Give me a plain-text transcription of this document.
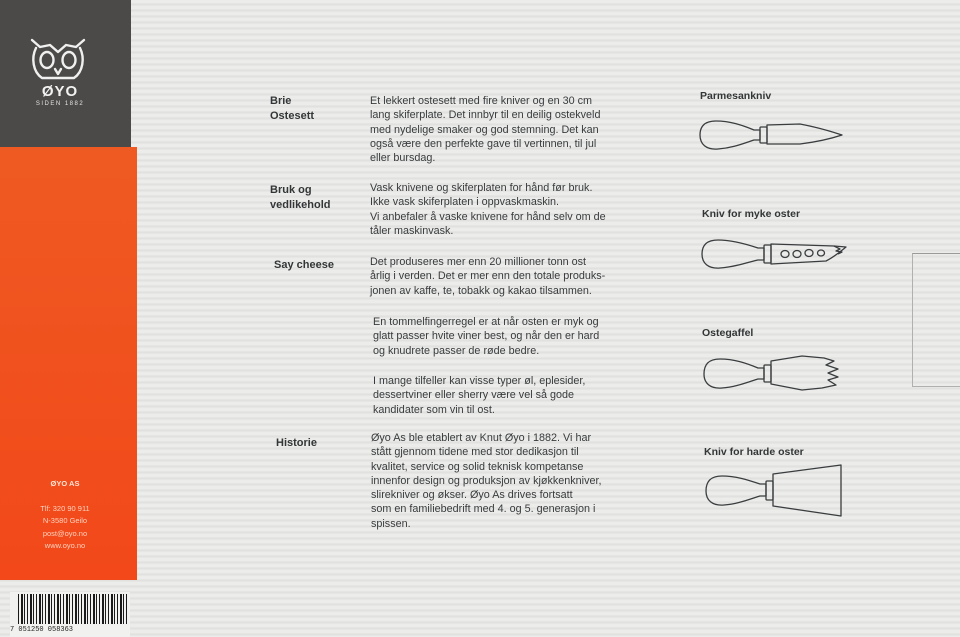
ØYO
SIDEN 1882
ØYO AS
Tlf: 320 90 911
N-3580 Geilo
post@oyo.no
www.oyo.no
7 051250 058363
Brie
Ostesett
Et lekkert ostesett med fire kniver og en 30 cm
lang skiferplate. Det innbyr til en deilig ostekveld
med nydelige smaker og god stemning. Det kan
også være den perfekte gave til vertinnen, til jul
eller bursdag.
Bruk og
vedlikehold
Vask knivene og skiferplaten for hånd før bruk.
Ikke vask skiferplaten i oppvaskmaskin.
Vi anbefaler å vaske knivene for hånd selv om de
tåler maskinvask.
Say cheese	Det produseres mer enn 20 millioner tonn ost
årlig i verden. Det er mer enn den totale produks-
jonen av kaffe, te, tobakk og kakao tilsammen.
En tommelfingerregel er at når osten er myk og
glatt passer hvite viner best, og når den er hard
og knudrete passer de røde bedre.
I mange tilfeller kan visse typer øl, eplesider,
dessertviner eller sherry være vel så gode
kandidater som vin til ost.
Historie	Øyo As ble etablert av Knut Øyo i 1882. Vi har
stått gjennom tidene med stor dedikasjon til
kvalitet, service og solid teknisk kompetanse
innenfor design og produksjon av kjøkkenkniver,
slirekniver og økser. Øyo As drives fortsatt
som en familiebedrift med 4. og 5. generasjon i
spissen.
Parmesankniv
Kniv for myke oster
Ostegaffel
Kniv for harde oster
